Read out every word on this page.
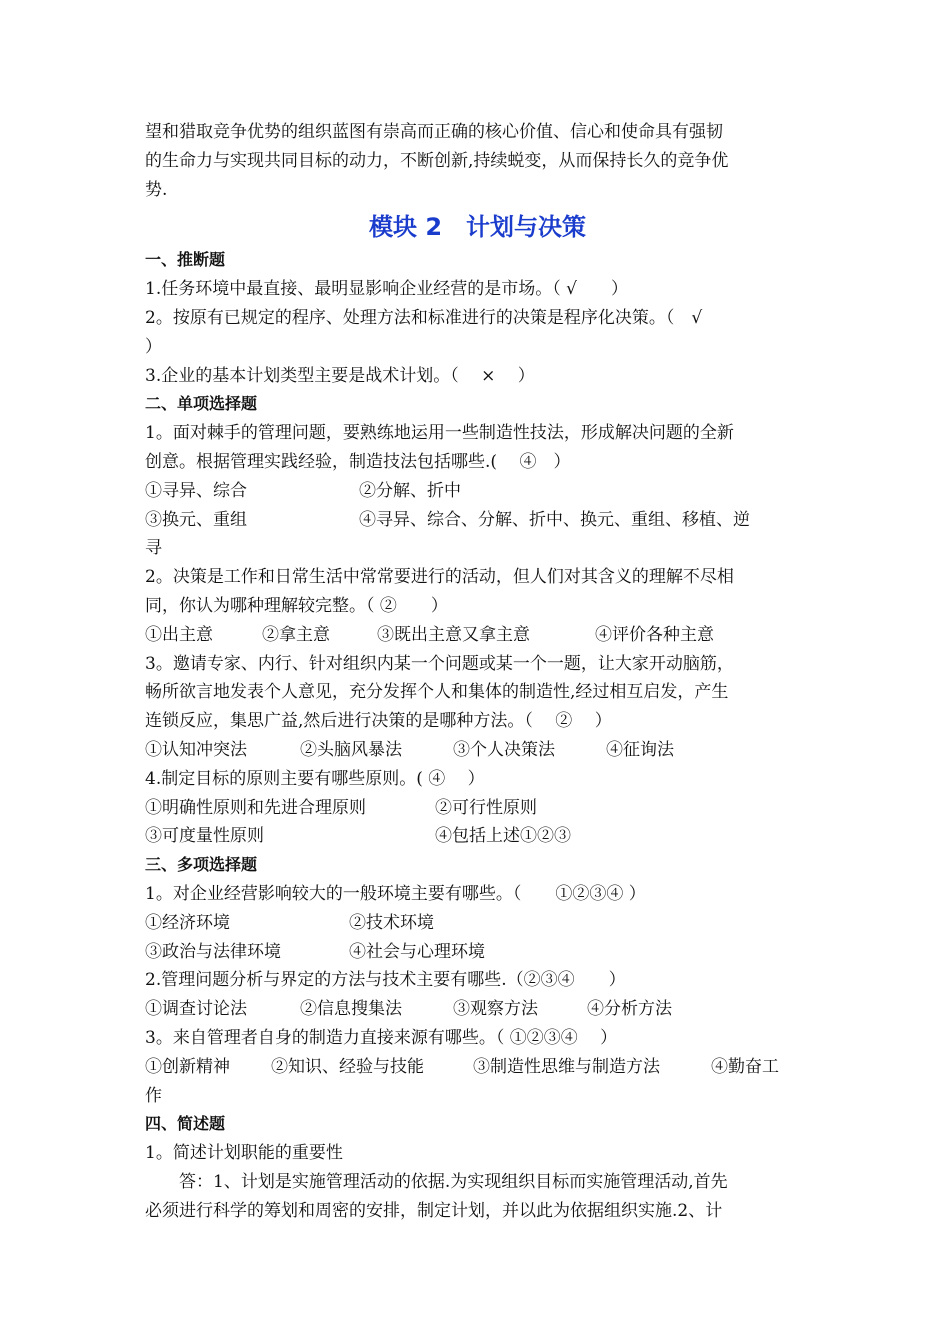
望和猎取竞争优势的组织蓝图有崇高而正确的核心价值、信心和使命具有强韧
的生命力与实现共同目标的动力，不断创新,持续蜕变，从而保持长久的竞争优
势.
模块 2　计划与决策
一、推断题
1.任务环境中最直接、最明显影响企业经营的是市场。（ √　　）
2。按原有已规定的程序、处理方法和标准进行的决策是程序化决策。（　√
）
3.企业的基本计划类型主要是战术计划。（　 ×　 ）
二、单项选择题
1。面对棘手的管理问题，要熟练地运用一些制造性技法，形成解决问题的全新
创意。根据管理实践经验，制造技法包括哪些.(　 ④　）
①寻异、综合	②分解、折中
③换元、重组	④寻异、综合、分解、折中、换元、重组、移植、逆
寻
2。决策是工作和日常生活中常常要进行的活动，但人们对其含义的理解不尽相
同，你认为哪种理解较完整。（ ②　　）
①出主意	②拿主意	③既出主意又拿主意	④评价各种主意
3。邀请专家、内行、针对组织内某一个问题或某一个一题，让大家开动脑筋，
畅所欲言地发表个人意见，充分发挥个人和集体的制造性,经过相互启发，产生
连锁反应，集思广益,然后进行决策的是哪种方法。（　 ②　 ）
①认知冲突法	②头脑风暴法	③个人决策法	④征询法
4.制定目标的原则主要有哪些原则。( ④　 ）
①明确性原则和先进合理原则	②可行性原则
③可度量性原则	④包括上述①②③
三、多项选择题
1。对企业经营影响较大的一般环境主要有哪些。（　　①②③④ ）
①经济环境	②技术环境
③政治与法律环境	④社会与心理环境
2.管理问题分析与界定的方法与技术主要有哪些.（②③④　　）
①调查讨论法	②信息搜集法	③观察方法	④分析方法
3。来自管理者自身的制造力直接来源有哪些。（ ①②③④　 ）
①创新精神	②知识、经验与技能	③制造性思维与制造方法	④勤奋工
作
四、简述题
1。简述计划职能的重要性
答：1、计划是实施管理活动的依据.为实现组织目标而实施管理活动,首先
必须进行科学的筹划和周密的安排，制定计划，并以此为依据组织实施.2、计
